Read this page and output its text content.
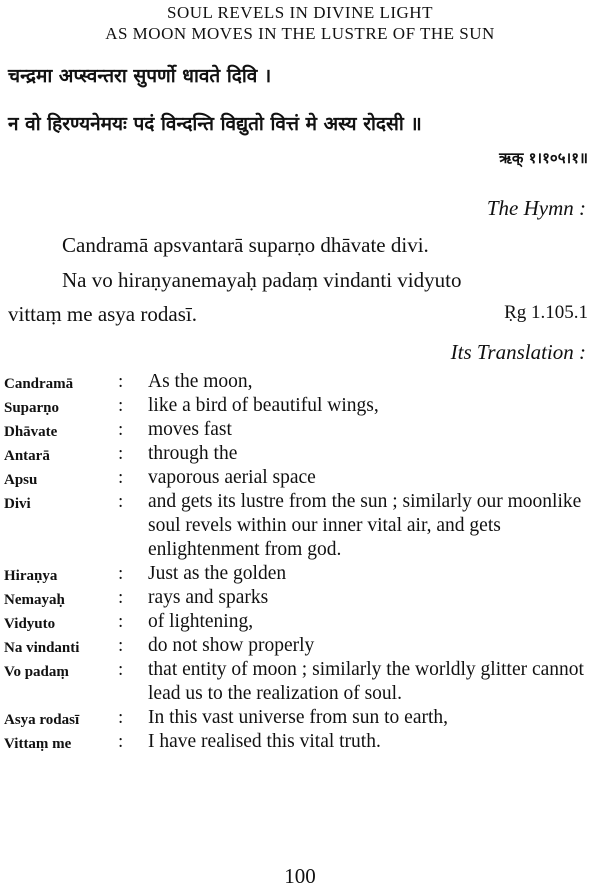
SOUL REVELS IN DIVINE LIGHT
AS MOON MOVES IN THE LUSTRE OF THE SUN
चन्द्रमा अप्स्वन्तरा सुपर्णो धावते दिवि ।
न वो हिरण्यनेमयः पदं विन्दन्ति विद्युतो वित्तं मे अस्य रोदसी ॥
ऋक् १।१०५।१॥
The Hymn :
Candramā apsvantarā suparṇo dhāvate divi.
Na vo hiraṇyanemayaḥ padaṃ vindanti vidyuto
vittaṃ me asya rodasī.	Ṛg 1.105.1
Its Translation :
Candramā	: As the moon,
Suparṇo	: like a bird of beautiful wings,
Dhāvate	: moves fast
Antarā	: through the
Apsu	: vaporous aerial space
Divi	: and gets its lustre from the sun ; similarly our moonlike soul revels within our inner vital air, and gets enlightenment from god.
Hiraṇya	: Just as the golden
Nemayaḥ	: rays and sparks
Vidyuto	: of lightening,
Na vindanti	: do not show properly
Vo padaṃ	: that entity of moon ; similarly the worldly glitter cannot lead us to the realization of soul.
Asya rodasī	: In this vast universe from sun to earth,
Vittaṃ me	: I have realised this vital truth.
100
